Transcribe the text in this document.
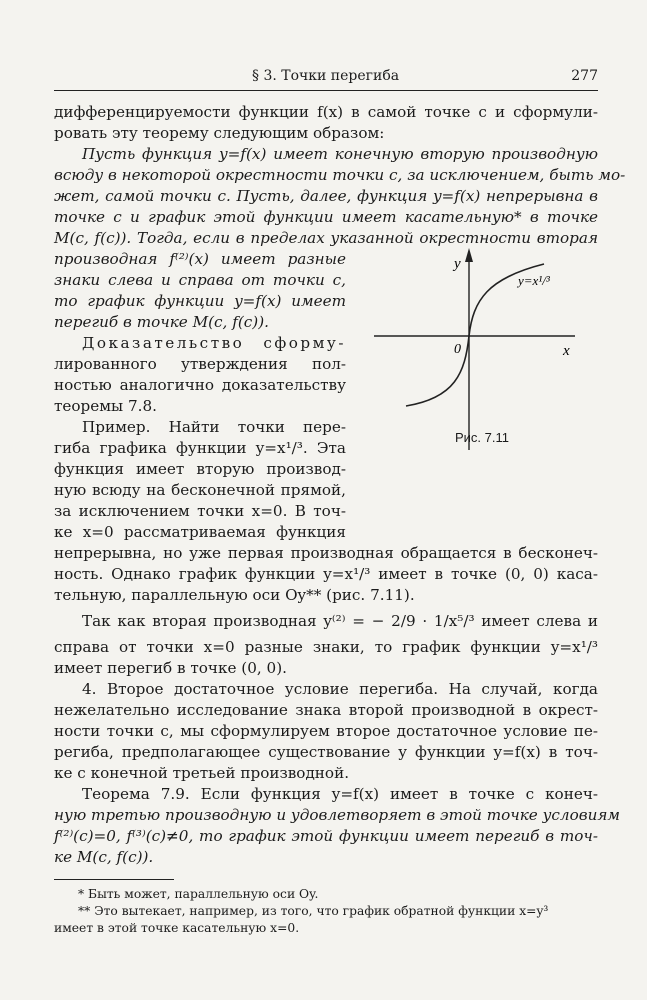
§ 3. Точки перегиба	277
дифференцируемости функции f(x) в самой точке c и сформули-
ровать эту теорему следующим образом:
Пусть функция y=f(x) имеет конечную вторую производную
всюду в некоторой окрестности точки c, за исключением, быть мо-
жет, самой точки c. Пусть, далее, функция y=f(x) непрерывна в
точке c и график этой функции имеет касательную* в точке
M(c, f(c)). Тогда, если в пределах указанной окрестности вторая
производная f⁽²⁾(x) имеет разные
знаки слева и справа от точки c,
то график функции y=f(x) имеет
перегиб в точке M(c, f(c)).
Доказательство сформу-
лированного утверждения пол-
ностью аналогично доказательству
теоремы 7.8.
Пример. Найти точки пере-
гиба графика функции y=x¹/³. Эта
функция имеет вторую производ-
ную всюду на бесконечной прямой,
за исключением точки x=0. В точ-
ке x=0 рассматриваемая функция
непрерывна, но уже первая производная обращается в бесконеч-
ность. Однако график функции y=x¹/³ имеет в точке (0, 0) каса-
тельную, параллельную оси Oy** (рис. 7.11).
Так как вторая производная y⁽²⁾ = − 2/9 · 1/x⁵/³ имеет слева и
справа от точки x=0 разные знаки, то график функции y=x¹/³
имеет перегиб в точке (0, 0).
4. Второе достаточное условие перегиба. На случай, когда
нежелательно исследование знака второй производной в окрест-
ности точки c, мы сформулируем второе достаточное условие пе-
региба, предполагающее существование у функции y=f(x) в точ-
ке c конечной третьей производной.
Теорема 7.9. Если функция y=f(x) имеет в точке c конеч-
ную третью производную и удовлетворяет в этой точке условиям
f⁽²⁾(c)=0, f⁽³⁾(c)≠0, то график этой функции имеет перегиб в точ-
ке M(c, f(c)).
y
x
0
y=x¹/³
Рис. 7.11
* Быть может, параллельную оси Oy.
** Это вытекает, например, из того, что график обратной функции x=y³
имеет в этой точке касательную x=0.
